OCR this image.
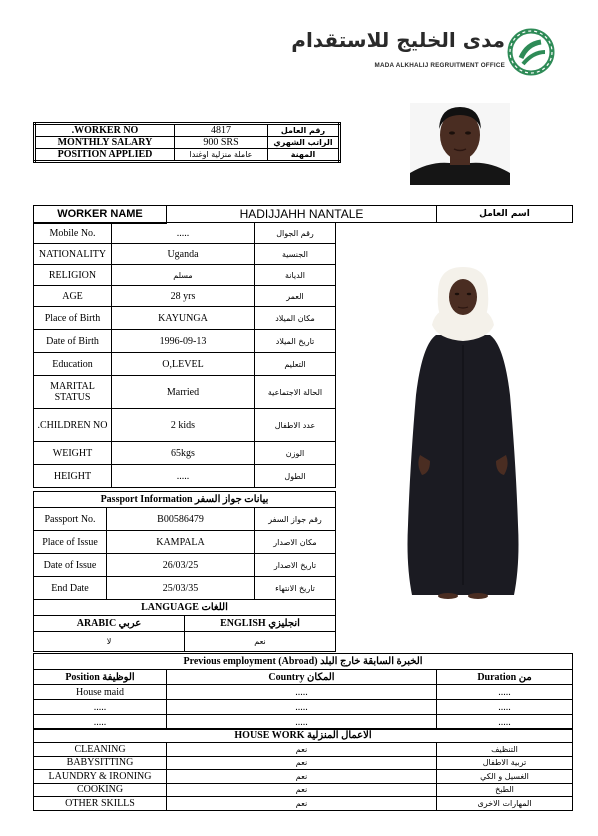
مدى الخليج للاستقدام
MADA ALKHALIJ REGRUITMENT OFFICE
.WORKER NO	4817	رقم العامل
MONTHLY SALARY	900 SRS	الراتب الشهري
POSITION APPLIED	عاملة منزلية اوغندا	المهنة
WORKER NAME	HADIJJAHH NANTALE	اسم العامل
Mobile No.	.....	رقم الجوال
NATIONALITY	Uganda	الجنسية
RELIGION	مسلم	الديانة
AGE	28 yrs	العمر
Place of Birth	KAYUNGA	مكان الميلاد
Date of Birth	1996-09-13	تاريخ الميلاد
Education	O,LEVEL	التعليم
MARITAL STATUS	Married	الحالة الاجتماعية
.CHILDREN NO	2 kids	عدد الاطفال
WEIGHT	65kgs	الوزن
HEIGHT	.....	الطول
Passport Information بيانات جواز السفر		
Passport No.	B00586479	رقم جواز السفر
Place of Issue	KAMPALA	مكان الاصدار
Date of Issue	26/03/25	تاريخ الاصدار
End Date	25/03/35	تاريخ الانتهاء
LANGUAGE اللغات	
ARABIC عربي	ENGLISH انجليزي
لا	نعم
Previous employment (Abroad) الخبرة السابقة خارج البلد		
Position الوظيفة	Country المكان	Duration من
House maid	.....	.....
.....	.....	.....
.....	.....	.....
HOUSE WORK الاعمال المنزلية		
CLEANING	نعم	التنظيف
BABYSITTING	نعم	تربية الاطفال
LAUNDRY & IRONING	نعم	الغسيل و الكي
COOKING	نعم	الطبخ
OTHER SKILLS	نعم	المهارات الاخرى
